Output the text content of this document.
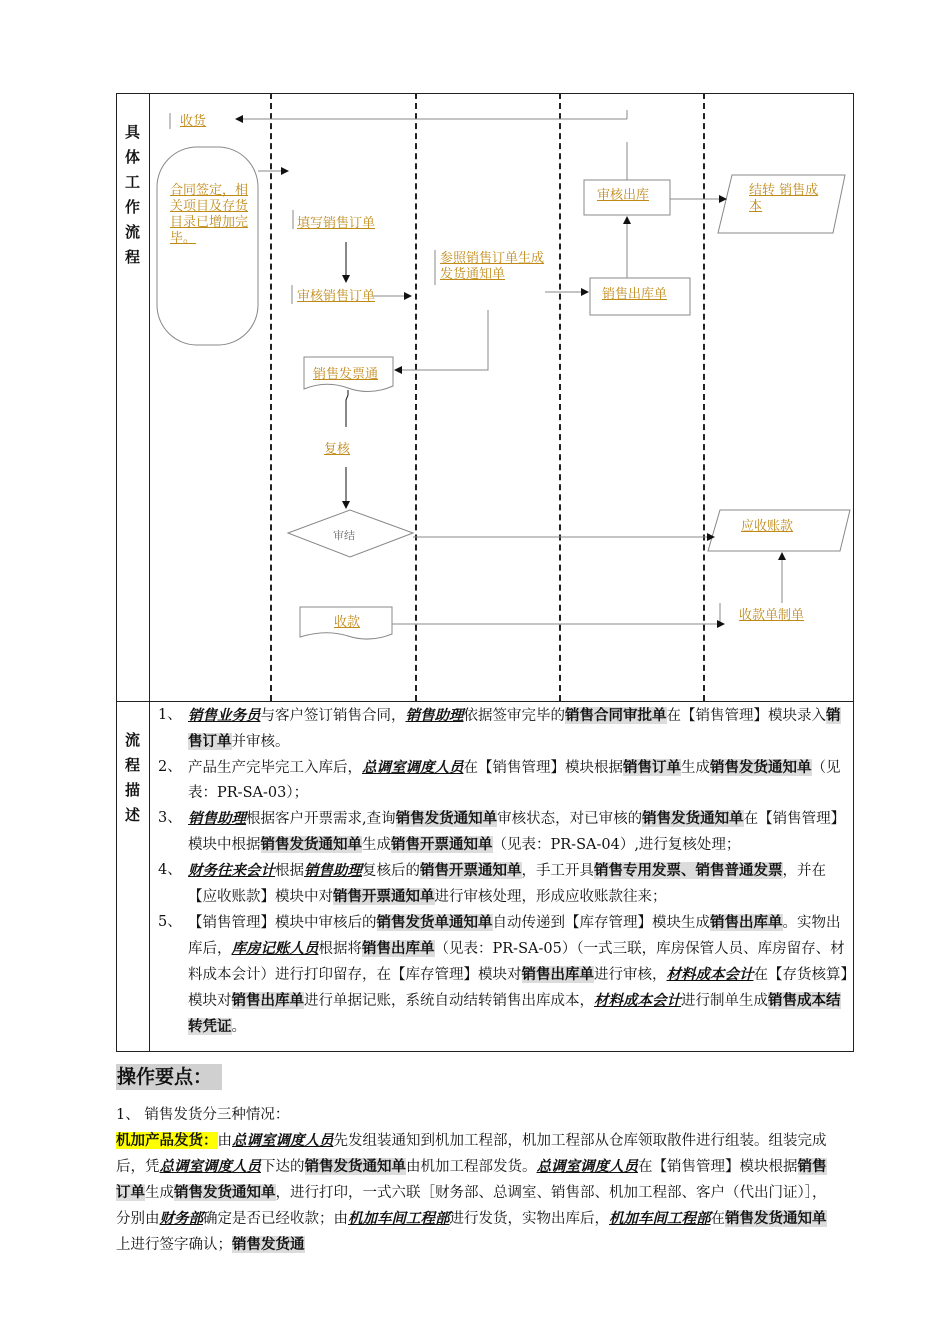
具
体
工
作
流
程
流
程
描
述
收货
合同签定，相关项目及存货目录已增加完毕。
填写销售订单
审核销售订单
参照销售订单生成发货通知单
审核出库
销售出库单
结转 销售成本
销售发票通
复核
审结
应收账款
收款	收款单制单
1、 销售业务员与客户签订销售合同，销售助理依据签审完毕的销售合同审批单在【销售管理】模块录入销售订单并审核。
2、 产品生产完毕完工入库后，总调室调度人员在【销售管理】模块根据销售订单生成销售发货通知单（见表：PR-SA-03）；
3、 销售助理根据客户开票需求,查询销售发货通知单审核状态，对已审核的销售发货通知单在【销售管理】模块中根据销售发货通知单生成销售开票通知单（见表：PR-SA-04）,进行复核处理；
4、 财务往来会计根据销售助理复核后的销售开票通知单，手工开具销售专用发票、销售普通发票，并在【应收账款】模块中对销售开票通知单进行审核处理，形成应收账款往来；
5、 【销售管理】模块中审核后的销售发货单通知单自动传递到【库存管理】模块生成销售出库单。实物出库后，库房记账人员根据将销售出库单（见表：PR-SA-05）（一式三联，库房保管人员、库房留存、材料成本会计）进行打印留存，在【库存管理】模块对销售出库单进行审核，材料成本会计在【存货核算】模块对销售出库单进行单据记账，系统自动结转销售出库成本，材料成本会计进行制单生成销售成本结转凭证。
操作要点：
1、 销售发货分三种情况：
机加产品发货：由总调室调度人员先发组装通知到机加工程部，机加工程部从仓库领取散件进行组装。组装完成后，凭总调室调度人员下达的销售发货通知单由机加工程部发货。总调室调度人员在【销售管理】模块根据销售订单生成销售发货通知单，进行打印，一式六联［财务部、总调室、销售部、机加工程部、客户（代出门证）］，分别由财务部确定是否已经收款；由机加车间工程部进行发货，实物出库后，机加车间工程部在销售发货通知单上进行签字确认；销售发货通
